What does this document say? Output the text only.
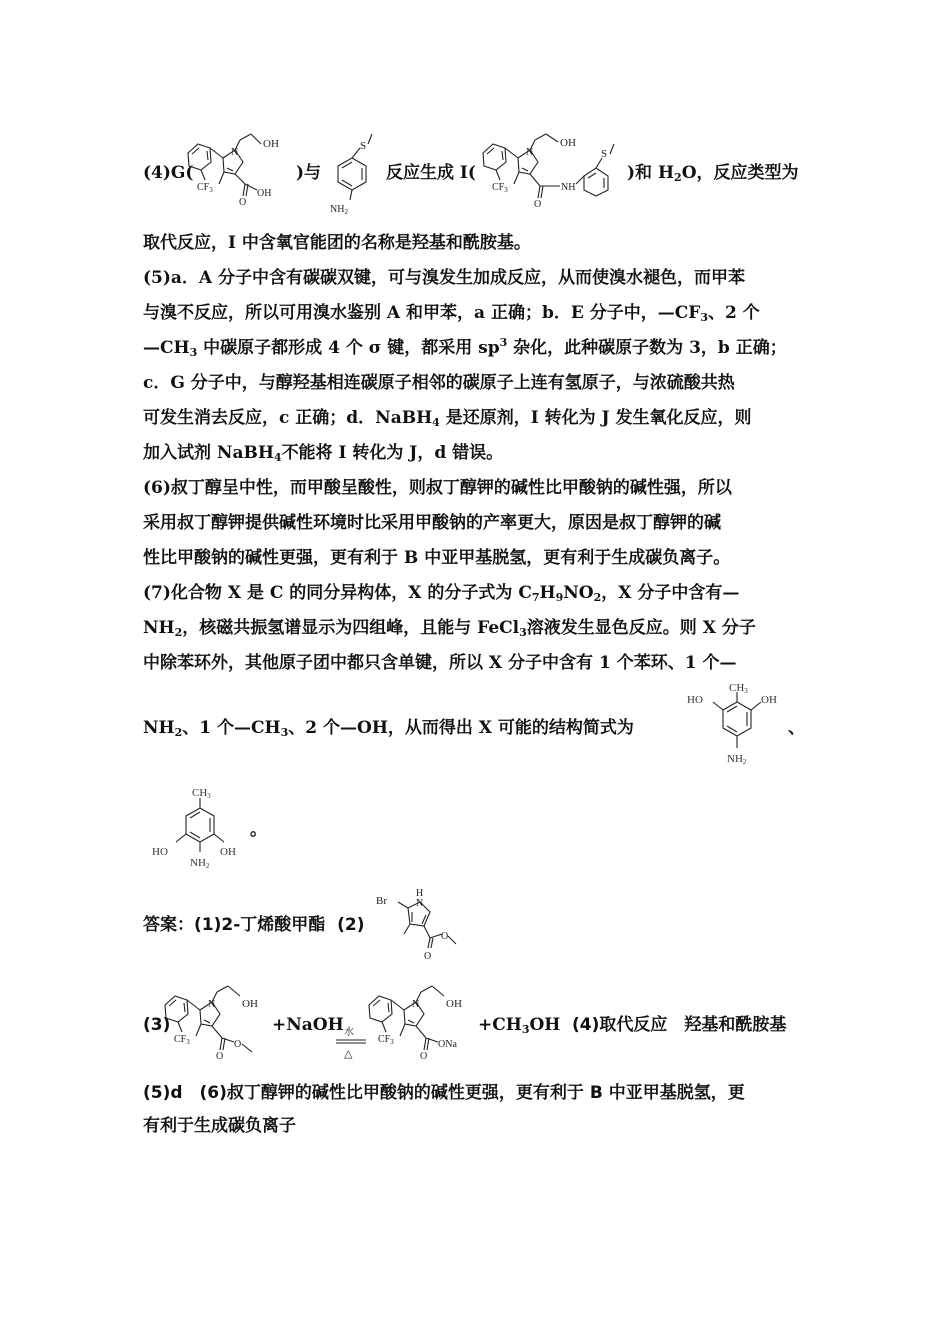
(4)G(
N
OH
$CF_3$
O
OH
)与
S
$NH_2$
反应生成 I(
N
OH
$CF_3$
O
NH
S
)和 $H_2O$，反应类型为
取代反应，I 中含氧官能团的名称是羟基和酰胺基。
(5)a．A 分子中含有碳碳双键，可与溴发生加成反应，从而使溴水褪色，而甲苯
与溴不反应，所以可用溴水鉴别 A 和甲苯，a 正确；b．E 分子中，$—CF_3$、2 个
$—CH_3$ 中碳原子都形成 4 个 σ 键，都采用 $sp^3$ 杂化，此种碳原子数为 3，b 正确；
c．G 分子中，与醇羟基相连碳原子相邻的碳原子上连有氢原子，与浓硫酸共热
可发生消去反应，c 正确；d．NaBH$_4$ 是还原剂，I 转化为 J 发生氧化反应，则
加入试剂 NaBH$_4$不能将 I 转化为 J，d 错误。
(6)叔丁醇呈中性，而甲酸呈酸性，则叔丁醇钾的碱性比甲酸钠的碱性强，所以
采用叔丁醇钾提供碱性环境时比采用甲酸钠的产率更大，原因是叔丁醇钾的碱
性比甲酸钠的碱性更强，更有利于 B 中亚甲基脱氢，更有利于生成碳负离子。
(7)化合物 X 是 C 的同分异构体，X 的分子式为 $C_7H_9NO_2$，X 分子中含有—
$NH_2$，核磁共振氢谱显示为四组峰，且能与 FeCl$_3$溶液发生显色反应。则 X 分子
中除苯环外，其他原子团中都只含单键，所以 X 分子中含有 1 个苯环、1 个—
$NH_2$、1 个$—CH_3$、2 个—OH，从而得出 X 可能的结构简式为
CH3
HO	OH
NH2
、
CH3
HO	OH
NH2
。
答案：(1)2-丁烯酸甲酯 (2)
H
N
Br
O
O
(3)
N OH
$CF_3$
O
O
+NaOH 水
△
N OH
$CF_3$
O
ONa
$+CH_3OH$ (4)取代反应　羟基和酰胺基
(5)d　(6)叔丁醇钾的碱性比甲酸钠的碱性更强，更有利于 B 中亚甲基脱氢，更
有利于生成碳负离子
